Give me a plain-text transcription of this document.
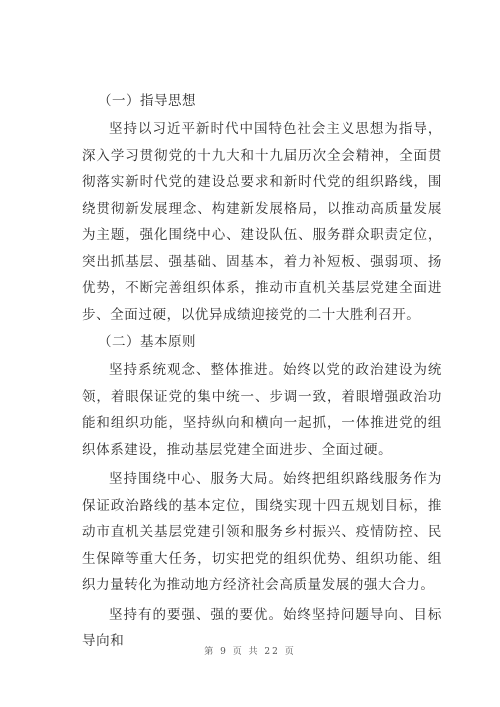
（一）指导思想

坚持以习近平新时代中国特色社会主义思想为指导，深入学习贯彻党的十九大和十九届历次全会精神，全面贯彻落实新时代党的建设总要求和新时代党的组织路线，围绕贯彻新发展理念、构建新发展格局，以推动高质量发展为主题，强化围绕中心、建设队伍、服务群众职责定位，突出抓基层、强基础、固基本，着力补短板、强弱项、扬优势，不断完善组织体系，推动市直机关基层党建全面进步、全面过硬，以优异成绩迎接党的二十大胜利召开。

（二）基本原则

坚持系统观念、整体推进。始终以党的政治建设为统领，着眼保证党的集中统一、步调一致，着眼增强政治功能和组织功能，坚持纵向和横向一起抓，一体推进党的组织体系建设，推动基层党建全面进步、全面过硬。

坚持围绕中心、服务大局。始终把组织路线服务作为保证政治路线的基本定位，围绕实现十四五规划目标，推动市直机关基层党建引领和服务乡村振兴、疫情防控、民生保障等重大任务，切实把党的组织优势、组织功能、组织力量转化为推动地方经济社会高质量发展的强大合力。

坚持有的要强、强的要优。始终坚持问题导向、目标导向和

第 9 页 共 22 页
